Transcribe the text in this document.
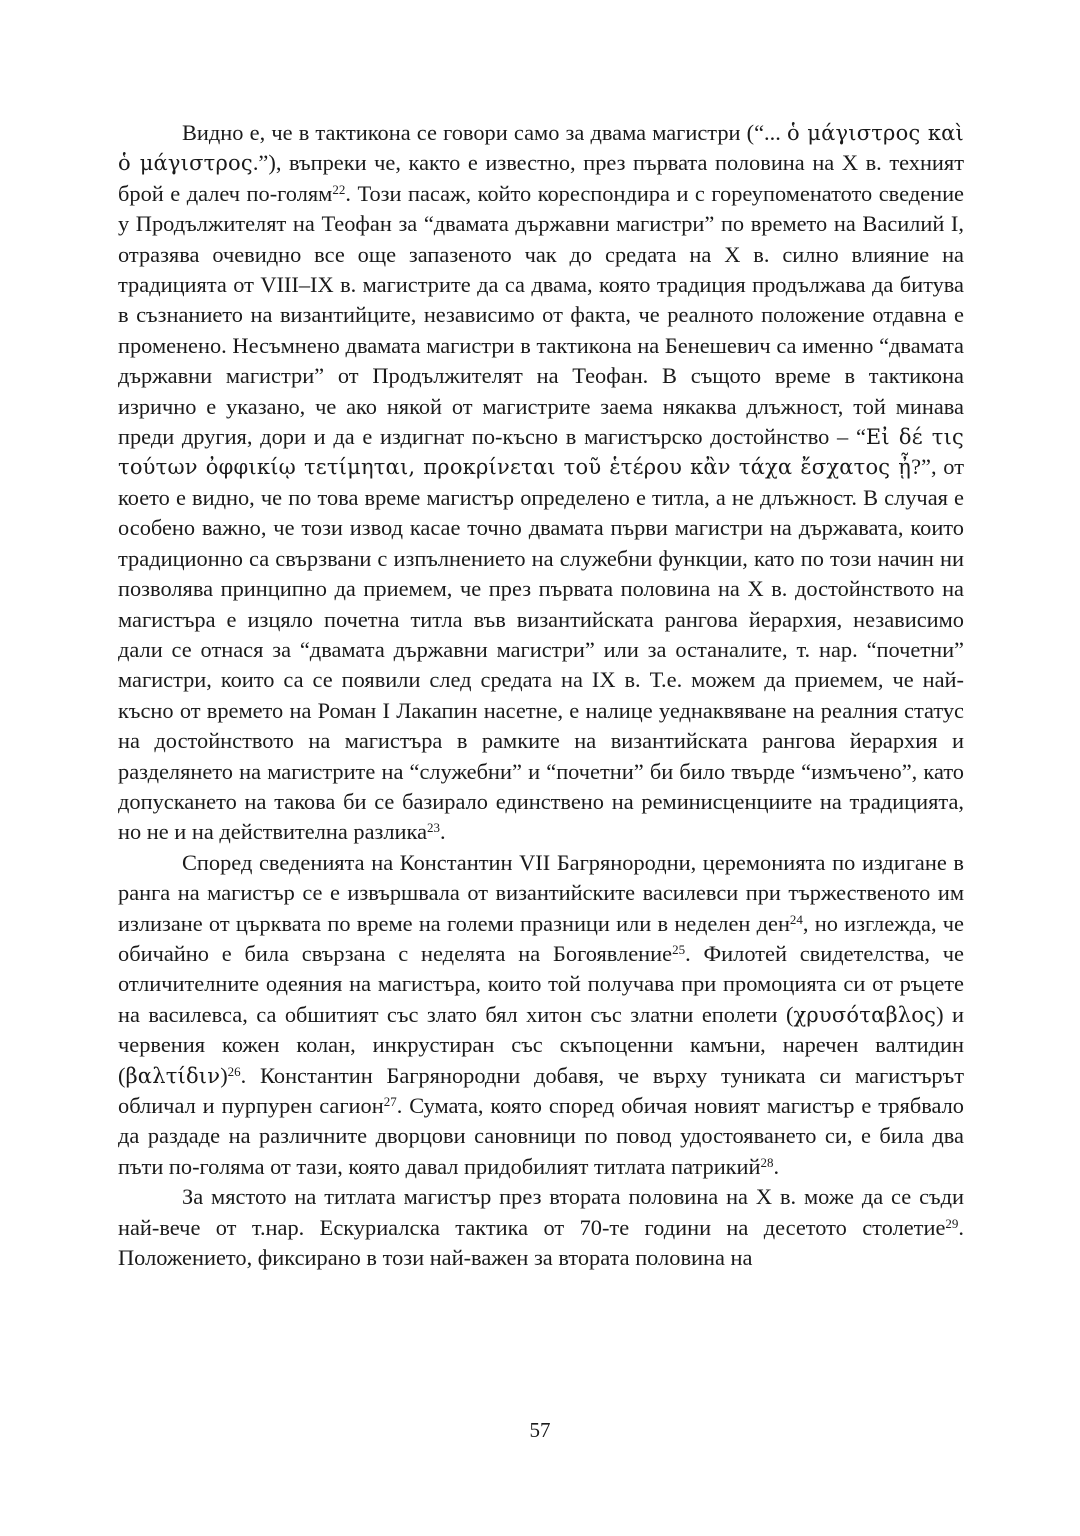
Видно е, че в тактикона се говори само за двама магистри (“... ὁ μάγιστρος καὶ ὁ μάγιστρος.”), въпреки че, както е известно, през първата половина на X в. техният брой е далеч по-голям$^{22}$. Този пасаж, който кореспондира и с гореупоменатото сведение у Продължителят на Теофан за “двамата държавни магистри” по времето на Василий I, отразява очевидно все още запазеното чак до средата на X в. силно влияние на традицията от VIII–IX в. магистрите да са двама, която традиция продължава да битува в съзнанието на византийците, независимо от факта, че реалното положение отдавна е променено. Несъмнено двамата магистри в тактикона на Бенешевич са именно “двамата държавни магистри” от Продължителят на Теофан. В същото време в тактикона изрично е указано, че ако някой от магистрите заема някаква длъжност, той минава преди другия, дори и да е издигнат по-късно в магистърско достойнство – “Εἰ δέ τις τούτων ὀφφικίῳ τετίμηται, προκρίνεται τοῦ ἑτέρου κἂν τάχα ἔσχατος ᾖ?”, от което е видно, че по това време магистър определено е титла, а не длъжност. В случая е особено важно, че този извод касае точно двамата първи магистри на държавата, които традиционно са свързвани с изпълнението на служебни функции, като по този начин ни позволява принципно да приемем, че през първата половина на X в. достойнството на магистъра е изцяло почетна титла във византийската рангова йерархия, независимо дали се отнася за “двамата държавни магистри” или за останалите, т. нар. “почетни” магистри, които са се появили след средата на IX в. Т.е. можем да приемем, че най-късно от времето на Роман I Лакапин насетне, е налице уеднаквяване на реалния статус на достойнството на магистъра в рамките на византийската рангова йерархия и разделянето на магистрите на “служебни” и “почетни” би било твърде “измъчено”, като допускането на такова би се базирало единствено на реминисценциите на традицията, но не и на действителна разлика$^{23}$.

Според сведенията на Константин VII Багрянородни, церемонията по издигане в ранга на магистър се е извършвала от византийските василевси при тържественото им излизане от църквата по време на големи празници или в неделен ден$^{24}$, но изглежда, че обичайно е била свързана с неделята на Богоявление$^{25}$. Филотей свидетелства, че отличителните одеяния на магистъра, които той получава при промоцията си от ръцете на василевса, са обшитият със злато бял хитон със златни еполети (χρυσόταβλος) и червения кожен колан, инкрустиран със скъпоценни камъни, наречен валтидин $(\beta\alpha\lambda\tau ί\delta\iota\nu)^{26}$. Константин Багрянородни добавя, че върху туниката си магистърът обличал и пурпурен сагион$^{27}$. Сумата, която според обичая новият магистър е трябвало да раздаде на различните дворцови сановници по повод удостояването си, е била два пъти по-голяма от тази, която давал придобилият титлата патрикий$^{28}$.

За мястото на титлата магистър през втората половина на X в. може да се съди най-вече от т.нар. Ескуриалска тактика от 70-те години на десетото столетие$^{29}$. Положението, фиксирано в този най-важен за втората половина на

57
